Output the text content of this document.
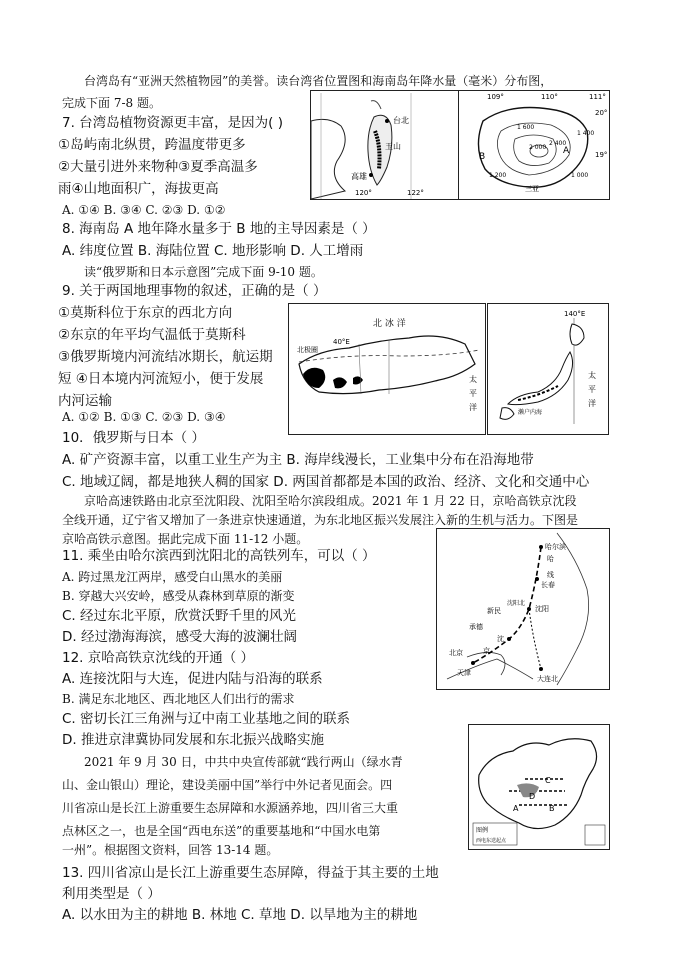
台湾岛有“亚洲天然植物园”的美誉。读台湾省位置图和海南岛年降水量（毫米）分布图，
完成下面 7-8 题。
7. 台湾岛植物资源更丰富，是因为( )
①岛屿南北纵贯，跨温度带更多
②大量引进外来物种③夏季高温多
雨④山地面积广，海拔更高
A. ①④ B. ③④ C. ②③ D. ①②
台北
玉山
高雄
120°	122°
109°	110°	111°
20°
19°
B
A
1 600
2 000
2 400
1 200	1 000
1 400
三亚
8. 海南岛 A 地年降水量多于 B 地的主导因素是（ ）
A. 纬度位置 B. 海陆位置 C. 地形影响 D. 人工增雨
读“俄罗斯和日本示意图”完成下面 9-10 题。
9. 关于两国地理事物的叙述，正确的是（ ）
①莫斯科位于东京的西北方向
②东京的年平均气温低于莫斯科
③俄罗斯境内河流结冰期长，航运期
短 ④日本境内河流短小，便于发展
内河运输
A. ①② B. ①③ C. ②③ D. ③④
北 冰 洋
北极圈
40°E
太
平
洋
140°E
太
平
洋
濑户内海
10．俄罗斯与日本（ ）
A. 矿产资源丰富，以重工业生产为主 B. 海岸线漫长，工业集中分布在沿海地带
C. 地域辽阔，都是地狭人稠的国家 D. 两国首都都是本国的政治、经济、文化和交通中心
京哈高速铁路由北京至沈阳段、沈阳至哈尔滨段组成。2021 年 1 月 22 日，京哈高铁京沈段
全线开通，辽宁省又增加了一条进京快速通道，为东北地区振兴发展注入新的生机与活力。下图是
京哈高铁示意图。据此完成下面 11-12 小题。
哈尔滨
哈
线
长春
新民	沈阳
沈阳北
承德
沈
京
北京
天津
大连北
11. 乘坐由哈尔滨西到沈阳北的高铁列车，可以（ ）
A. 跨过黑龙江两岸，感受白山黑水的美丽
B. 穿越大兴安岭，感受从森林到草原的渐变
C. 经过东北平原，欣赏沃野千里的风光
D. 经过渤海海滨，感受大海的波澜壮阔
12. 京哈高铁京沈线的开通（ ）
A. 连接沈阳与大连，促进内陆与沿海的联系
B. 满足东北地区、西北地区人们出行的需求
C. 密切长江三角洲与辽中南工业基地之间的联系
D. 推进京津冀协同发展和东北振兴战略实施
C
D
A	B
图例
西电东送起点
2021 年 9 月 30 日，中共中央宣传部就“践行两山（绿水青
山、金山银山）理论，建设美丽中国”举行中外记者见面会。四
川省凉山是长江上游重要生态屏障和水源涵养地，四川省三大重
点林区之一，也是全国“西电东送”的重要基地和“中国水电第
一州”。根据图文资料，回答 13-14 题。
13. 四川省凉山是长江上游重要生态屏障，得益于其主要的土地
利用类型是（ ）
A. 以水田为主的耕地 B. 林地 C. 草地 D. 以旱地为主的耕地
